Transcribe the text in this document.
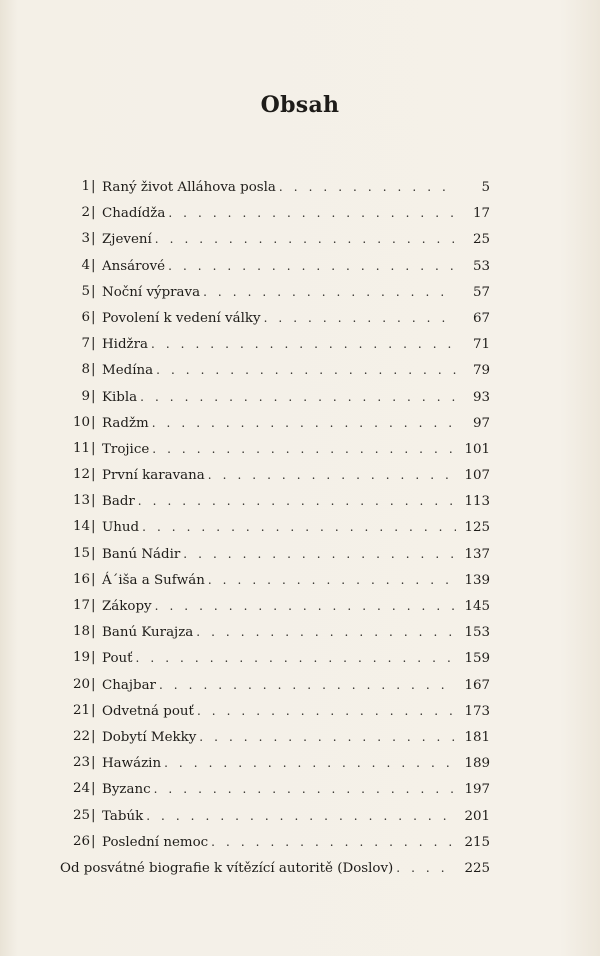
Obsah
1 | Raný život Alláhova posla . . .	5
2 | Chadídža . . .	17
3 | Zjevení . . .	25
4 | Ansárové . . .	53
5 | Noční výprava . . .	57
6 | Povolení k vedení války . . .	67
7 | Hidžra . . .	71
8 | Medína . . .	79
9 | Kibla . . .	93
10 | Radžm . . .	97
11 | Trojice . . .	101
12 | První karavana . . .	107
13 | Badr . . .	113
14 | Uhud . . .	125
15 | Banú Nádir . . .	137
16 | Á´iša a Sufwán . . .	139
17 | Zákopy . . .	145
18 | Banú Kurajza . . .	153
19 | Pouť . . .	159
20 | Chajbar . . .	167
21 | Odvetná pouť . . .	173
22 | Dobytí Mekky . . .	181
23 | Hawázin . . .	189
24 | Byzanc . . .	197
25 | Tabúk . . .	201
26 | Poslední nemoc . . .	215
Od posvátné biografie k vítězící autoritě (Doslov) . . .	225
